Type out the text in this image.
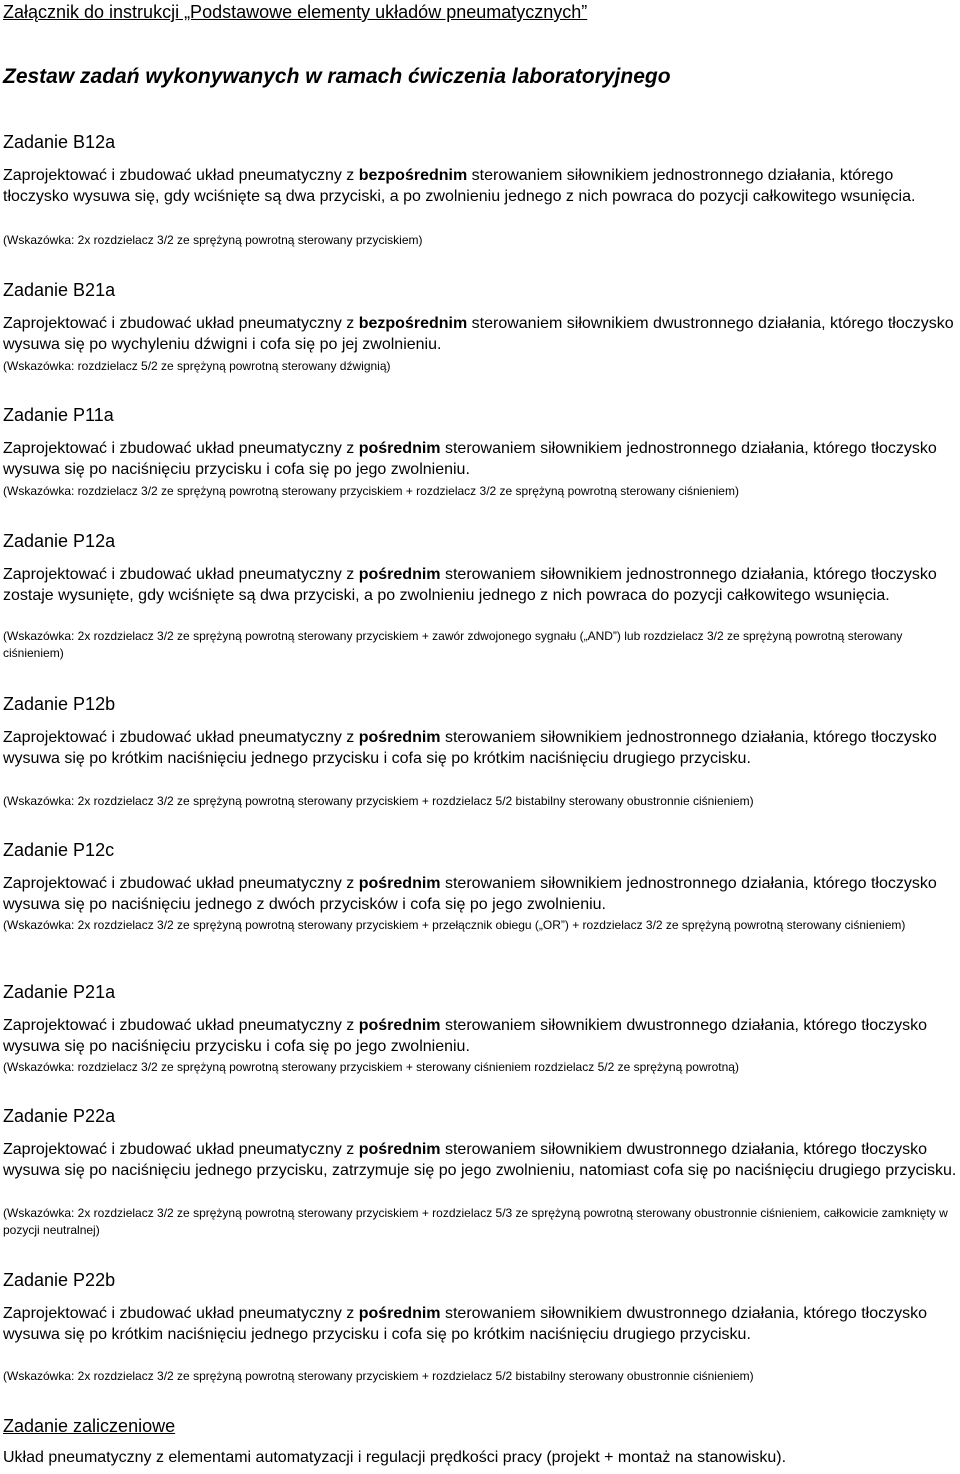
Załącznik do instrukcji „Podstawowe elementy układów pneumatycznych”
Zestaw zadań wykonywanych w ramach ćwiczenia laboratoryjnego
Zadanie B12a
Zaprojektować i zbudować układ pneumatyczny z bezpośrednim sterowaniem siłownikiem jednostronnego działania, którego tłoczysko wysuwa się, gdy wciśnięte są dwa przyciski, a po zwolnieniu jednego z nich powraca do pozycji całkowitego wsunięcia.
(Wskazówka: 2x rozdzielacz 3/2 ze sprężyną powrotną sterowany przyciskiem)
Zadanie B21a
Zaprojektować i zbudować układ pneumatyczny z bezpośrednim sterowaniem siłownikiem dwustronnego działania, którego tłoczysko wysuwa się po wychyleniu dźwigni i cofa się po jej zwolnieniu.
(Wskazówka: rozdzielacz 5/2 ze sprężyną powrotną sterowany dźwignią)
Zadanie P11a
Zaprojektować i zbudować układ pneumatyczny z pośrednim sterowaniem siłownikiem jednostronnego działania, którego tłoczysko wysuwa się po naciśnięciu przycisku i cofa się po jego zwolnieniu.
(Wskazówka: rozdzielacz 3/2 ze sprężyną powrotną sterowany przyciskiem + rozdzielacz 3/2 ze sprężyną powrotną sterowany ciśnieniem)
Zadanie P12a
Zaprojektować i zbudować układ pneumatyczny z pośrednim sterowaniem siłownikiem jednostronnego działania, którego tłoczysko zostaje wysunięte, gdy wciśnięte są dwa przyciski, a po zwolnieniu jednego z nich powraca do pozycji całkowitego wsunięcia.
(Wskazówka: 2x rozdzielacz 3/2 ze sprężyną powrotną sterowany przyciskiem + zawór zdwojonego sygnału („AND”) lub rozdzielacz 3/2 ze sprężyną powrotną sterowany ciśnieniem)
Zadanie P12b
Zaprojektować i zbudować układ pneumatyczny z pośrednim sterowaniem siłownikiem jednostronnego działania, którego tłoczysko wysuwa się po krótkim naciśnięciu jednego przycisku i cofa się po krótkim naciśnięciu drugiego przycisku.
(Wskazówka: 2x rozdzielacz 3/2 ze sprężyną powrotną sterowany przyciskiem + rozdzielacz 5/2 bistabilny sterowany obustronnie ciśnieniem)
Zadanie P12c
Zaprojektować i zbudować układ pneumatyczny z pośrednim sterowaniem siłownikiem jednostronnego działania, którego tłoczysko wysuwa się po naciśnięciu jednego z dwóch przycisków i cofa się po jego zwolnieniu.
(Wskazówka: 2x rozdzielacz 3/2 ze sprężyną powrotną sterowany przyciskiem + przełącznik obiegu („OR”) + rozdzielacz 3/2 ze sprężyną powrotną sterowany ciśnieniem)
Zadanie P21a
Zaprojektować i zbudować układ pneumatyczny z pośrednim sterowaniem siłownikiem dwustronnego działania, którego tłoczysko wysuwa się po naciśnięciu przycisku i cofa się po jego zwolnieniu.
(Wskazówka: rozdzielacz 3/2 ze sprężyną powrotną sterowany przyciskiem + sterowany ciśnieniem rozdzielacz 5/2 ze sprężyną powrotną)
Zadanie P22a
Zaprojektować i zbudować układ pneumatyczny z pośrednim sterowaniem siłownikiem dwustronnego działania, którego tłoczysko wysuwa się po naciśnięciu jednego przycisku, zatrzymuje się po jego zwolnieniu, natomiast cofa się po naciśnięciu drugiego przycisku.
(Wskazówka: 2x rozdzielacz 3/2 ze sprężyną powrotną sterowany przyciskiem + rozdzielacz 5/3 ze sprężyną powrotną sterowany obustronnie ciśnieniem, całkowicie zamknięty w pozycji neutralnej)
Zadanie P22b
Zaprojektować i zbudować układ pneumatyczny z pośrednim sterowaniem siłownikiem dwustronnego działania, którego tłoczysko wysuwa się po krótkim naciśnięciu jednego przycisku i cofa się po krótkim naciśnięciu drugiego przycisku.
(Wskazówka: 2x rozdzielacz 3/2 ze sprężyną powrotną sterowany przyciskiem + rozdzielacz 5/2 bistabilny sterowany obustronnie ciśnieniem)
Zadanie zaliczeniowe
Układ pneumatyczny z elementami automatyzacji i regulacji prędkości pracy (projekt + montaż na stanowisku).
